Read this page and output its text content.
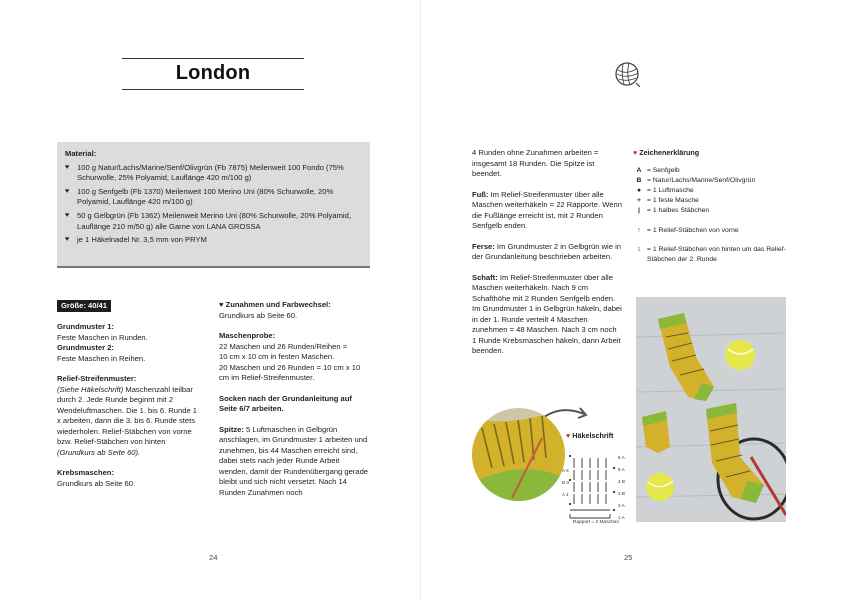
London
Material:
♥ 100 g Natur/Lachs/Marine/Senf/Olivgrün (Fb 7875) Meilenweit 100 Fondo (75% Schurwolle, 25% Polyamid, Lauflänge 420 m/100 g)
♥ 100 g Senfgelb (Fb 1370) Meilenweit 100 Merino Uni (80% Schurwolle, 20% Polyamid, Lauflänge 420 m/100 g)
♥ 50 g Gelbgrün (Fb 1362) Meilenweit Merino Uni (80% Schurwolle, 20% Polyamid, Lauflänge 210 m/50 g) alle Garne von LANA GROSSA
♥ je 1 Häkelnadel Nr. 3,5 mm von PRYM

Größe: 40/41

Grundmuster 1:

Feste Maschen in Runden.

Grundmuster 2:

Feste Maschen in Reihen.

Relief-Streifenmuster:

(Siehe Häkelschrift) Maschenzahl teilbar durch 2. Jede Runde beginnt mit 2 Wendeluftmaschen. Die 1. bis 6. Runde 1 x arbeiten, dann die 3. bis 6. Runde stets wiederholen. Relief-Stäbchen von vorne bzw. Relief-Stäbchen von hinten (Grundkurs ab Seite 60).

Krebsmaschen:

Grundkurs ab Seite 60.

♥ Zunahmen und Farbwechsel:

Grundkurs ab Seite 60.

Maschenprobe:

22 Maschen und 26 Runden/Reihen =

10 cm x 10 cm in festen Maschen.

20 Maschen und 26 Runden = 10 cm x 10

cm im Relief-Streifenmuster.

Socken nach der Grundanleitung auf Seite 6/7 arbeiten.

Spitze: 5 Luftmaschen in Gelbgrün anschlagen, im Grundmuster 1 arbeiten und zunehmen, bis 44 Maschen erreicht sind, dabei stets nach jeder Runde Arbeit wenden, damit der Rundenübergang gerade bleibt und sich nicht versetzt. Nach 14 Runden Zunahmen noch

24

4 Runden ohne Zunahmen arbeiten = insgesamt 18 Runden. Die Spitze ist beendet.

Fuß: Im Relief-Streifenmuster über alle Maschen weiterhäkeln = 22 Rapporte. Wenn die Fußlänge erreicht ist, mit 2 Runden Senfgelb enden.

Ferse: Im Grundmuster 2 in Gelbgrün wie in der Grundanleitung beschrieben arbeiten.

Schaft: Im Relief-Streifenmuster über alle Maschen weiterhäkeln. Nach 9 cm Schafthöhe mit 2 Runden Senfgelb enden. Im Grundmuster 1 in Gelbgrün häkeln, dabei in der 1. Runde verteilt 4 Maschen zunehmen = 48 Maschen. Nach 3 cm noch 1 Runde Krebsmaschen häkeln, dann Arbeit beenden.

♥ Zeichenerklärung
A = Senfgelb
B = Natur/Lachs/Marine/Senf/Olivgrün
● = 1 Luftmasche
+ = 1 feste Masche
|	= 1 halbes Stäbchen
↑ = 1 Relief-Stäbchen von vorne
↕ = 1 Relief-Stäbchen von hinten um das Relief-Stäbchen der 2. Runde
♥ Häkelschrift
6 A
5 A
4 B
3 B
2 A
1 A
A 5
B 3
A 1
Rapport = 2 Maschen
25
